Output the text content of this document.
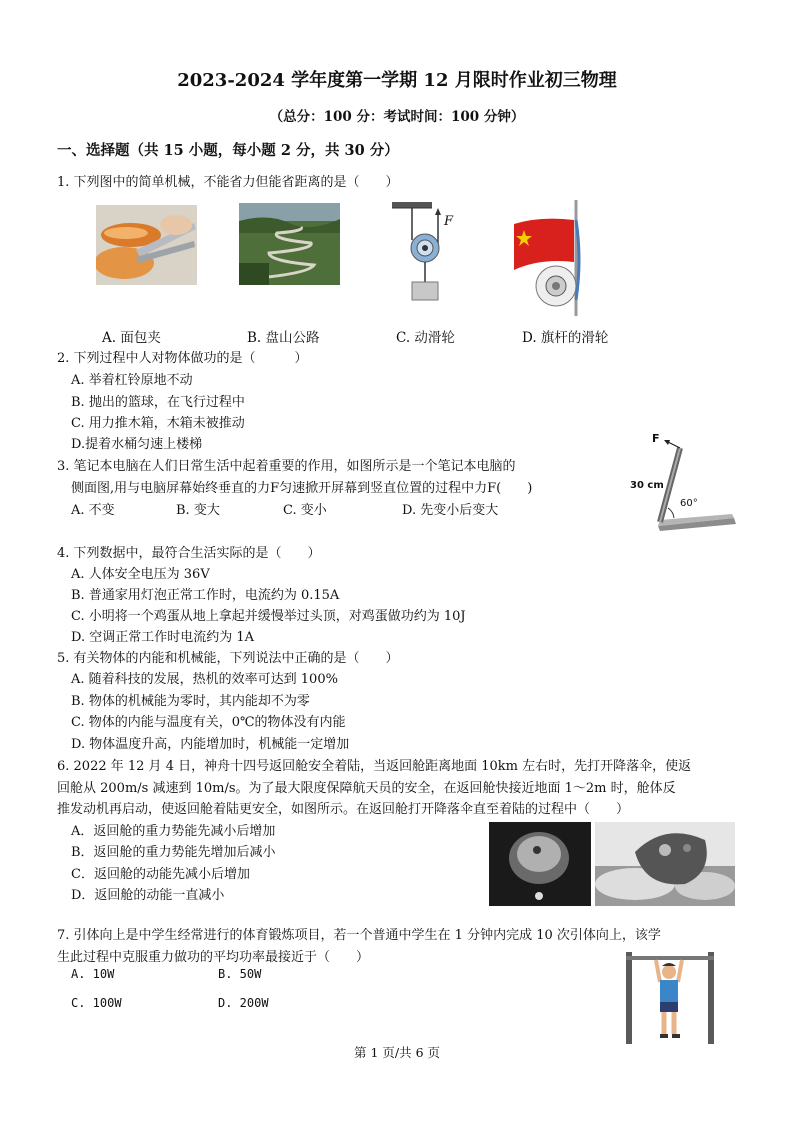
2023-2024 学年度第一学期 12 月限时作业初三物理
（总分：100 分：考试时间：100 分钟）
一、选择题（共 15 小题，每小题 2 分，共 30 分）
1. 下列图中的简单机械，不能省力但能省距离的是（　　）
F
A. 面包夹	B. 盘山公路	C. 动滑轮	D. 旗杆的滑轮
2. 下列过程中人对物体做功的是（　　　）
A. 举着杠铃原地不动
B. 抛出的篮球，在飞行过程中
C. 用力推木箱，木箱未被推动
D.提着水桶匀速上楼梯
3. 笔记本电脑在人们日常生活中起着重要的作用，如图所示是一个笔记本电脑的
侧面图,用与电脑屏幕始终垂直的力F匀速掀开屏幕到竖直位置的过程中力F(　　)
A. 不变	B. 变大	C. 变小	D. 先变小后变大
F
30 cm
60°
4. 下列数据中，最符合生活实际的是（　　）
A. 人体安全电压为 36V
B. 普通家用灯泡正常工作时，电流约为 0.15A
C. 小明将一个鸡蛋从地上拿起并缓慢举过头顶，对鸡蛋做功约为 10J
D. 空调正常工作时电流约为 1A
5. 有关物体的内能和机械能，下列说法中正确的是（　　）
A. 随着科技的发展，热机的效率可达到 100%
B. 物体的机械能为零时，其内能却不为零
C. 物体的内能与温度有关，0℃的物体没有内能
D. 物体温度升高，内能增加时，机械能一定增加
6. 2022 年 12 月 4 日，神舟十四号返回舱安全着陆，当返回舱距离地面 10km 左右时，先打开降落伞，使返
回舱从 200m/s 减速到 10m/s。为了最大限度保障航天员的安全，在返回舱快接近地面 1～2m 时，舱体反
推发动机再启动，使返回舱着陆更安全，如图所示。在返回舱打开降落伞直至着陆的过程中（　　）
A．返回舱的重力势能先减小后增加
B．返回舱的重力势能先增加后减小
C．返回舱的动能先减小后增加
D．返回舱的动能一直减小
7. 引体向上是中学生经常进行的体育锻炼项目，若一个普通中学生在 1 分钟内完成 10 次引体向上，该学
生此过程中克服重力做功的平均功率最接近于（　　）
A. 10W	B. 50W
C. 100W	D. 200W
第 1 页/共 6 页
